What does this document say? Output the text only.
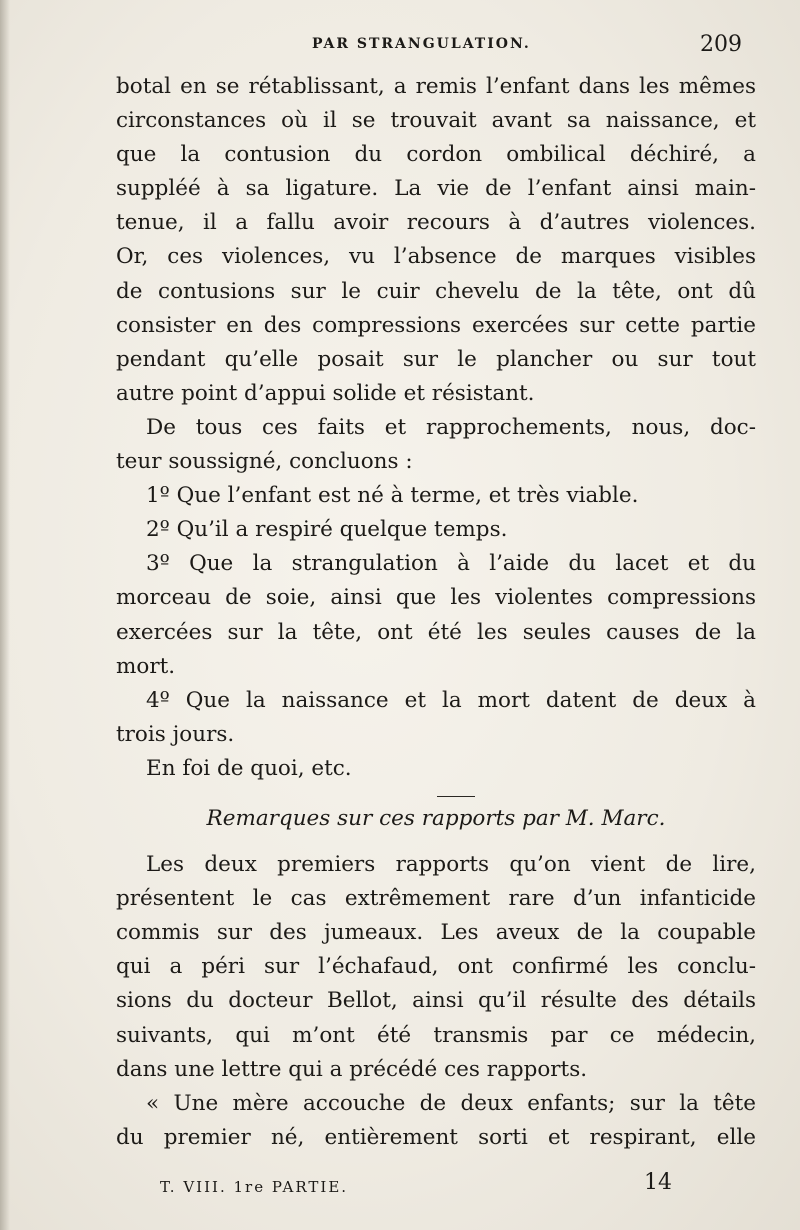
PAR STRANGULATION.	209
botal en se rétablissant, a remis l’enfant dans les mêmes
circonstances où il se trouvait avant sa naissance, et
que la contusion du cordon ombilical déchiré, a
suppléé à sa ligature. La vie de l’enfant ainsi main-
tenue, il a fallu avoir recours à d’autres violences.
Or, ces violences, vu l’absence de marques visibles
de contusions sur le cuir chevelu de la tête, ont dû
consister en des compressions exercées sur cette partie
pendant qu’elle posait sur le plancher ou sur tout
autre point d’appui solide et résistant.
De tous ces faits et rapprochements, nous, doc-
teur soussigné, concluons :
1º Que l’enfant est né à terme, et très viable.
2º Qu’il a respiré quelque temps.
3º Que la strangulation à l’aide du lacet et du
morceau de soie, ainsi que les violentes compressions
exercées sur la tête, ont été les seules causes de la
mort.
4º Que la naissance et la mort datent de deux à
trois jours.
En foi de quoi, etc.
Remarques sur ces rapports par M. Marc.
Les deux premiers rapports qu’on vient de lire,
présentent le cas extrêmement rare d’un infanticide
commis sur des jumeaux. Les aveux de la coupable
qui a péri sur l’échafaud, ont confirmé les conclu-
sions du docteur Bellot, ainsi qu’il résulte des détails
suivants, qui m’ont été transmis par ce médecin,
dans une lettre qui a précédé ces rapports.
« Une mère accouche de deux enfants; sur la tête
du premier né, entièrement sorti et respirant, elle
T. VIII. 1re PARTIE.	14
